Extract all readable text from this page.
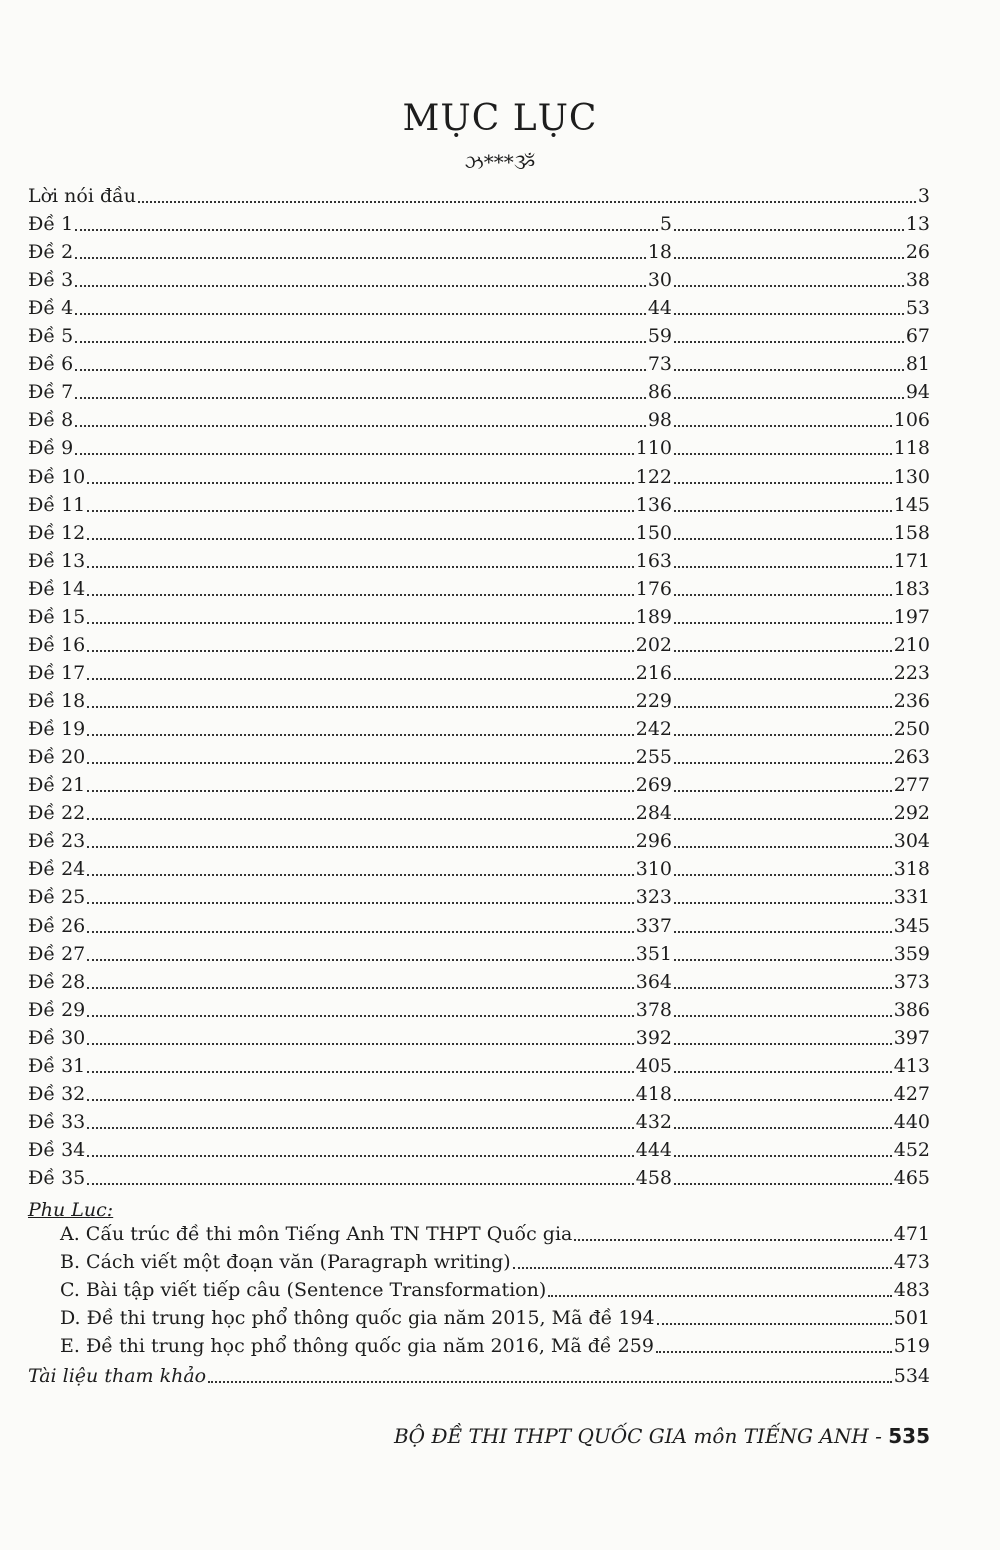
MỤC LỤC
ઝ***ૐ
Lời nói đầu	3
Đề 1	5	13
Đề 2	18	26
Đề 3	30	38
Đề 4	44	53
Đề 5	59	67
Đề 6	73	81
Đề 7	86	94
Đề 8	98	106
Đề 9	110	118
Đề 10	122	130
Đề 11	136	145
Đề 12	150	158
Đề 13	163	171
Đề 14	176	183
Đề 15	189	197
Đề 16	202	210
Đề 17	216	223
Đề 18	229	236
Đề 19	242	250
Đề 20	255	263
Đề 21	269	277
Đề 22	284	292
Đề 23	296	304
Đề 24	310	318
Đề 25	323	331
Đề 26	337	345
Đề 27	351	359
Đề 28	364	373
Đề 29	378	386
Đề 30	392	397
Đề 31	405	413
Đề 32	418	427
Đề 33	432	440
Đề 34	444	452
Đề 35	458	465
Phu Luc:
A. Cấu trúc đề thi môn Tiếng Anh TN THPT Quốc gia	471
B. Cách viết một đoạn văn (Paragraph writing)	473
C. Bài tập viết tiếp câu (Sentence Transformation)	483
D. Đề thi trung học phổ thông quốc gia năm 2015, Mã đề 194	501
E. Đề thi trung học phổ thông quốc gia năm 2016, Mã đề 259	519
Tài liệu tham khảo	534
BỘ ĐỀ THI THPT QUỐC GIA môn TIẾNG ANH - 535
